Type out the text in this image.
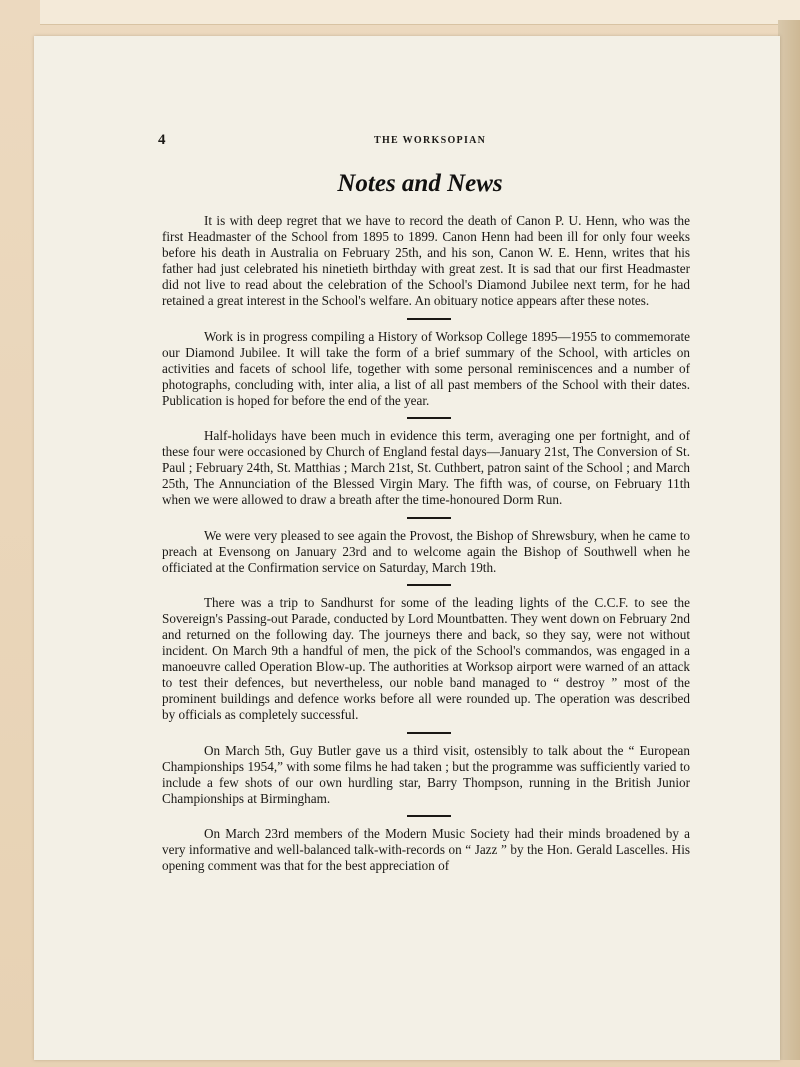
4	THE WORKSOPIAN
Notes and News

It is with deep regret that we have to record the death of Canon P. U. Henn, who was the first Headmaster of the School from 1895 to 1899. Canon Henn had been ill for only four weeks before his death in Australia on February 25th, and his son, Canon W. E. Henn, writes that his father had just celebrated his ninetieth birthday with great zest. It is sad that our first Headmaster did not live to read about the celebration of the School's Diamond Jubilee next term, for he had retained a great interest in the School's welfare. An obituary notice appears after these notes.

Work is in progress compiling a History of Worksop College 1895—1955 to commemorate our Diamond Jubilee. It will take the form of a brief summary of the School, with articles on activities and facets of school life, together with some personal reminiscences and a number of photographs, concluding with, inter alia, a list of all past members of the School with their dates. Publication is hoped for before the end of the year.

Half-holidays have been much in evidence this term, averaging one per fortnight, and of these four were occasioned by Church of England festal days—January 21st, The Conversion of St. Paul ; February 24th, St. Matthias ; March 21st, St. Cuthbert, patron saint of the School ; and March 25th, The Annunciation of the Blessed Virgin Mary. The fifth was, of course, on February 11th when we were allowed to draw a breath after the time-honoured Dorm Run.

We were very pleased to see again the Provost, the Bishop of Shrewsbury, when he came to preach at Evensong on January 23rd and to welcome again the Bishop of Southwell when he officiated at the Confirmation service on Saturday, March 19th.

There was a trip to Sandhurst for some of the leading lights of the C.C.F. to see the Sovereign's Passing-out Parade, conducted by Lord Mountbatten. They went down on February 2nd and returned on the following day. The journeys there and back, so they say, were not without incident. On March 9th a handful of men, the pick of the School's commandos, was engaged in a manoeuvre called Operation Blow-up. The authorities at Worksop airport were warned of an attack to test their defences, but nevertheless, our noble band managed to “ destroy ” most of the prominent buildings and defence works before all were rounded up. The operation was described by officials as completely successful.

On March 5th, Guy Butler gave us a third visit, ostensibly to talk about the “ European Championships 1954,” with some films he had taken ; but the programme was sufficiently varied to include a few shots of our own hurdling star, Barry Thompson, running in the British Junior Championships at Birmingham.

On March 23rd members of the Modern Music Society had their minds broadened by a very informative and well-balanced talk-with-records on “ Jazz ” by the Hon. Gerald Lascelles. His opening comment was that for the best appreciation of
